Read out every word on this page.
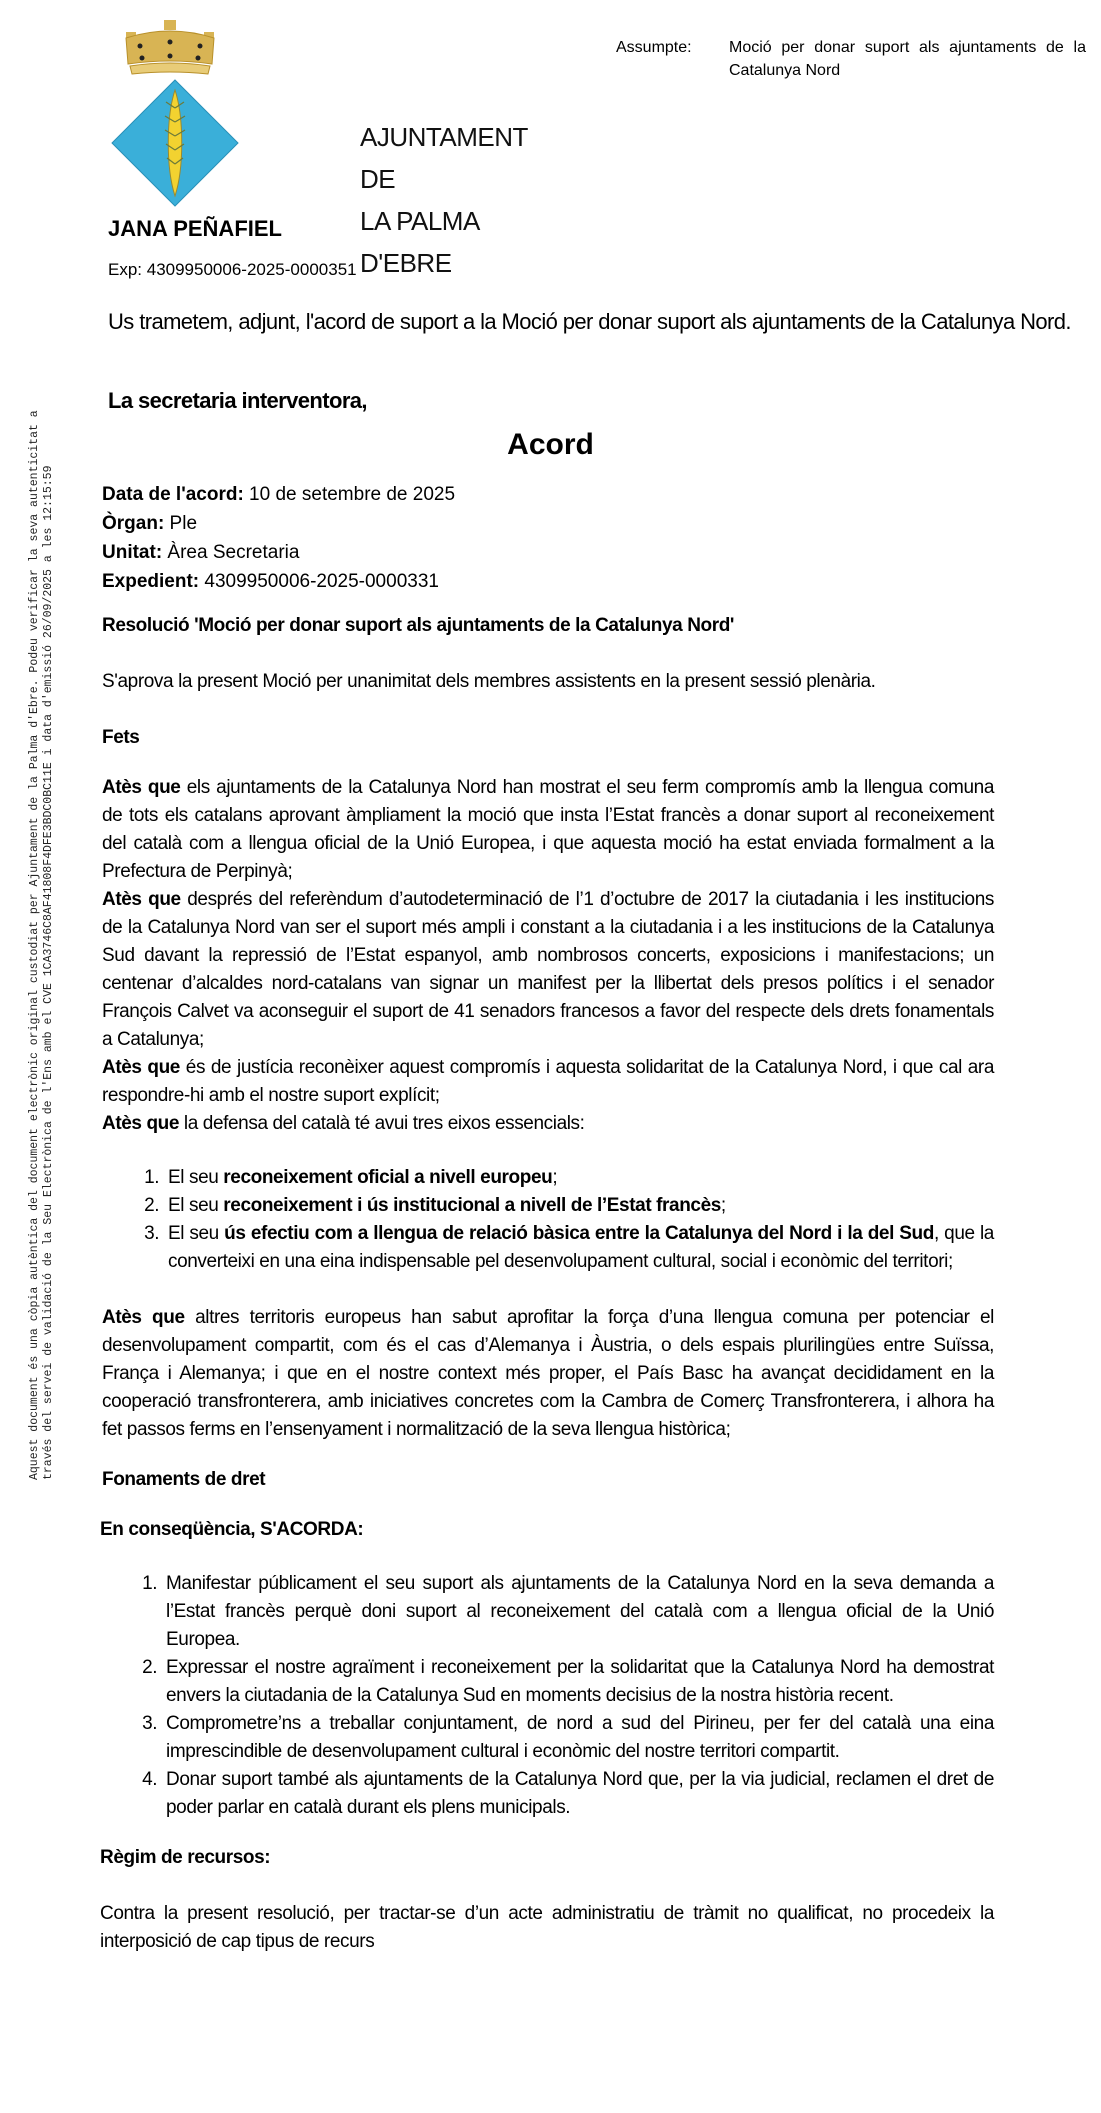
Aquest document és una còpia autèntica del document electrònic original custodiat per Ajuntament de la Palma d'Ebre. Podeu verificar la seva autenticitat a través del servei de validació de la Seu Electrònica de l'Ens amb el CVE 1CA3746C8AF41808F4DFE3BDC0BC11E i data d'emissió 26/09/2025 a les 12:15:59
AJUNTAMENT DE
LA PALMA D'EBRE
Assumpte:	Moció per donar suport als ajuntaments de la Catalunya Nord
JANA PEÑAFIEL
Exp: 4309950006-2025-0000351
Us trametem, adjunt, l'acord de suport a la Moció per donar suport als ajuntaments de la Catalunya Nord.
La secretaria interventora,
Acord
Data de l'acord: 10 de setembre de 2025
Òrgan: Ple
Unitat: Àrea Secretaria
Expedient: 4309950006-2025-0000331

Resolució 'Moció per donar suport als ajuntaments de la Catalunya Nord'

S'aprova la present Moció per unanimitat dels membres assistents en la present sessió plenària.

Fets

Atès que els ajuntaments de la Catalunya Nord han mostrat el seu ferm compromís amb la llengua comuna de tots els catalans aprovant àmpliament la moció que insta l’Estat francès a donar suport al reconeixement del català com a llengua oficial de la Unió Europea, i que aquesta moció ha estat enviada formalment a la Prefectura de Perpinyà;

Atès que després del referèndum d’autodeterminació de l’1 d’octubre de 2017 la ciutadania i les institucions de la Catalunya Nord van ser el suport més ampli i constant a la ciutadania i a les institucions de la Catalunya Sud davant la repressió de l’Estat espanyol, amb nombrosos concerts, exposicions i manifestacions; un centenar d’alcaldes nord-catalans van signar un manifest per la llibertat dels presos polítics i el senador François Calvet va aconseguir el suport de 41 senadors francesos a favor del respecte dels drets fonamentals a Catalunya;

Atès que és de justícia reconèixer aquest compromís i aquesta solidaritat de la Catalunya Nord, i que cal ara respondre-hi amb el nostre suport explícit;

Atès que la defensa del català té avui tres eixos essencials:

1. El seu reconeixement oficial a nivell europeu;
2. El seu reconeixement i ús institucional a nivell de l’Estat francès;
3. El seu ús efectiu com a llengua de relació bàsica entre la Catalunya del Nord i la del Sud, que la converteixi en una eina indispensable pel desenvolupament cultural, social i econòmic del territori;

Atès que altres territoris europeus han sabut aprofitar la força d’una llengua comuna per potenciar el desenvolupament compartit, com és el cas d’Alemanya i Àustria, o dels espais plurilingües entre Suïssa, França i Alemanya; i que en el nostre context més proper, el País Basc ha avançat decididament en la cooperació transfronterera, amb iniciatives concretes com la Cambra de Comerç Transfronterera, i alhora ha fet passos ferms en l’ensenyament i normalització de la seva llengua històrica;

Fonaments de dret

En conseqüència, S'ACORDA:

1. Manifestar públicament el seu suport als ajuntaments de la Catalunya Nord en la seva demanda a l’Estat francès perquè doni suport al reconeixement del català com a llengua oficial de la Unió Europea.
2. Expressar el nostre agraïment i reconeixement per la solidaritat que la Catalunya Nord ha demostrat envers la ciutadania de la Catalunya Sud en moments decisius de la nostra història recent.
3. Comprometre’ns a treballar conjuntament, de nord a sud del Pirineu, per fer del català una eina imprescindible de desenvolupament cultural i econòmic del nostre territori compartit.
4. Donar suport també als ajuntaments de la Catalunya Nord que, per la via judicial, reclamen el dret de poder parlar en català durant els plens municipals.

Règim de recursos:

Contra la present resolució, per tractar-se d’un acte administratiu de tràmit no qualificat, no procedeix la interposició de cap tipus de recurs
